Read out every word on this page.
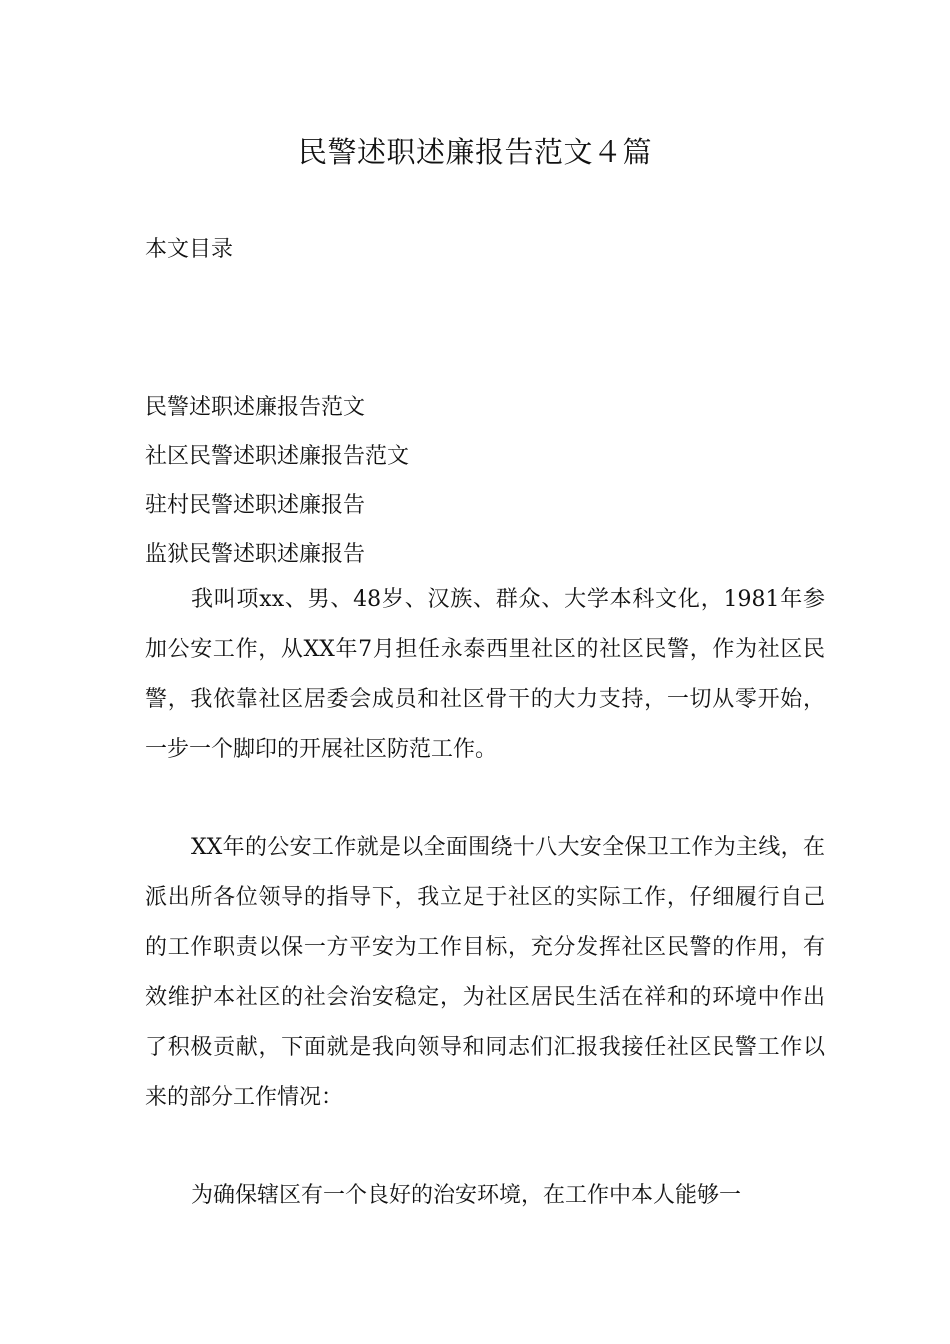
民警述职述廉报告范文４篇
本文目录
民警述职述廉报告范文
社区民警述职述廉报告范文
驻村民警述职述廉报告
监狱民警述职述廉报告

我叫项xx、男、48岁、汉族、群众、大学本科文化，1981年参加公安工作，从XX年7月担任永泰西里社区的社区民警，作为社区民警，我依靠社区居委会成员和社区骨干的大力支持，一切从零开始，一步一个脚印的开展社区防范工作。

XX年的公安工作就是以全面围绕十八大安全保卫工作为主线，在派出所各位领导的指导下，我立足于社区的实际工作，仔细履行自己的工作职责以保一方平安为工作目标，充分发挥社区民警的作用，有效维护本社区的社会治安稳定，为社区居民生活在祥和的环境中作出了积极贡献，下面就是我向领导和同志们汇报我接任社区民警工作以来的部分工作情况：

为确保辖区有一个良好的治安环境，在工作中本人能够一
